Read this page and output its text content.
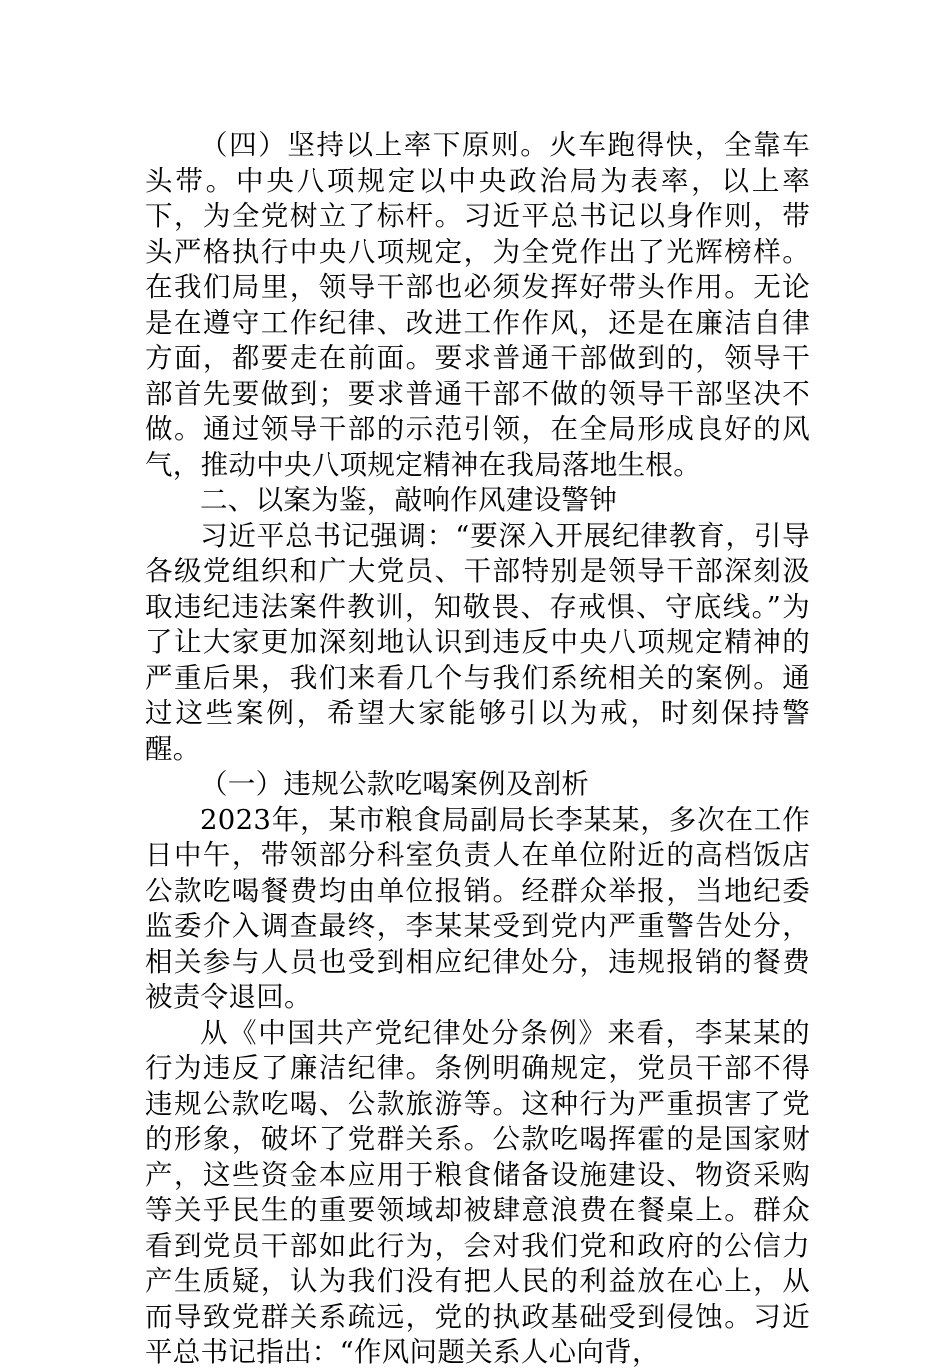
（四）坚持以上率下原则。火车跑得快，全靠车头带。中央八项规定以中央政治局为表率，以上率下，为全党树立了标杆。习近平总书记以身作则，带头严格执行中央八项规定，为全党作出了光辉榜样。在我们局里，领导干部也必须发挥好带头作用。无论是在遵守工作纪律、改进工作作风，还是在廉洁自律方面，都要走在前面。要求普通干部做到的，领导干部首先要做到；要求普通干部不做的领导干部坚决不做。通过领导干部的示范引领，在全局形成良好的风气，推动中央八项规定精神在我局落地生根。

二、以案为鉴，敲响作风建设警钟

习近平总书记强调：“要深入开展纪律教育，引导各级党组织和广大党员、干部特别是领导干部深刻汲取违纪违法案件教训，知敬畏、存戒惧、守底线。”为了让大家更加深刻地认识到违反中央八项规定精神的严重后果，我们来看几个与我们系统相关的案例。通过这些案例，希望大家能够引以为戒，时刻保持警醒。

（一）违规公款吃喝案例及剖析

2023年，某市粮食局副局长李某某，多次在工作日中午，带领部分科室负责人在单位附近的高档饭店公款吃喝餐费均由单位报销。经群众举报，当地纪委监委介入调查最终，李某某受到党内严重警告处分，相关参与人员也受到相应纪律处分，违规报销的餐费被责令退回。

从《中国共产党纪律处分条例》来看，李某某的行为违反了廉洁纪律。条例明确规定，党员干部不得违规公款吃喝、公款旅游等。这种行为严重损害了党的形象，破坏了党群关系。公款吃喝挥霍的是国家财产，这些资金本应用于粮食储备设施建设、物资采购等关乎民生的重要领域却被肆意浪费在餐桌上。群众看到党员干部如此行为，会对我们党和政府的公信力产生质疑，认为我们没有把人民的利益放在心上，从而导致党群关系疏远，党的执政基础受到侵蚀。习近平总书记指出：“作风问题关系人心向背，
